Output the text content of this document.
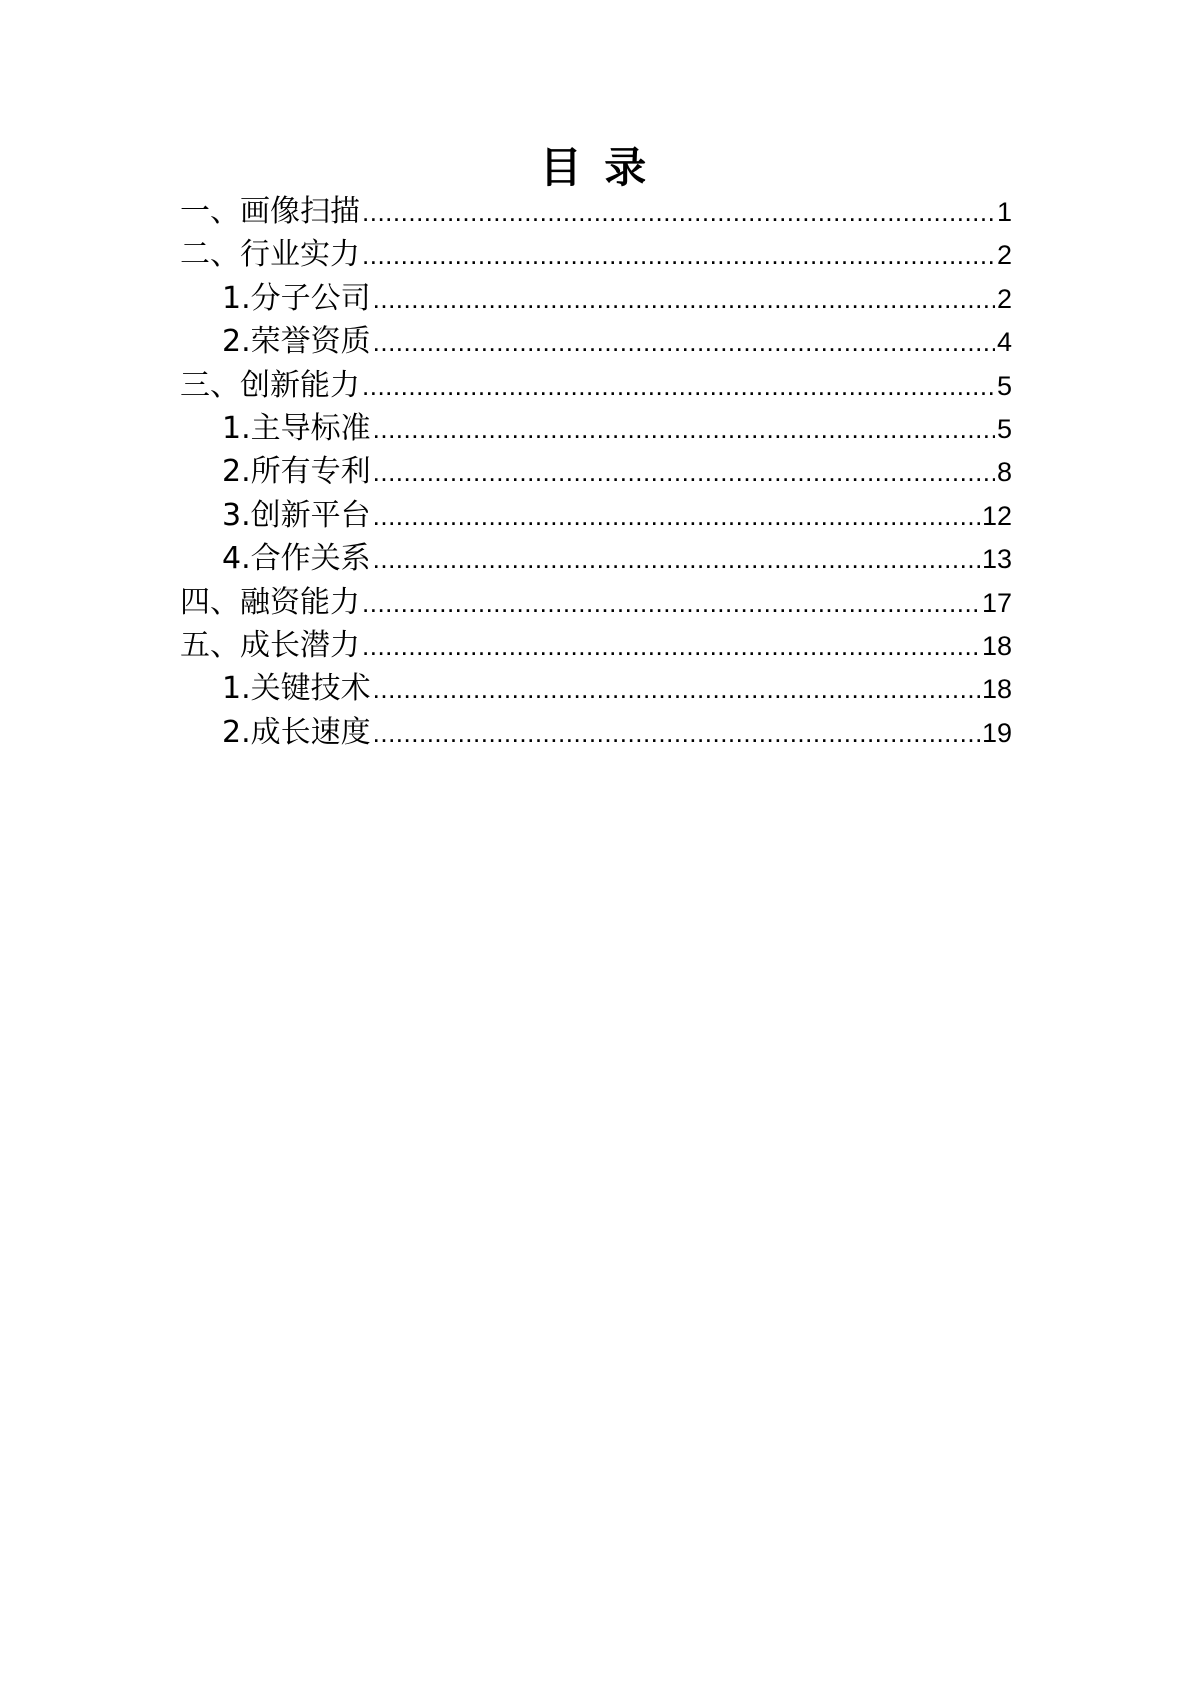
目 录
一、画像扫描 .....	1
二、行业实力 .....	2
1.分子公司 .....	2
2.荣誉资质 .....	4
三、创新能力 .....	5
1.主导标准 .....	5
2.所有专利 .....	8
3.创新平台 .....	12
4.合作关系 .....	13
四、融资能力 .....	17
五、成长潜力 .....	18
1.关键技术 .....	18
2.成长速度 .....	19
